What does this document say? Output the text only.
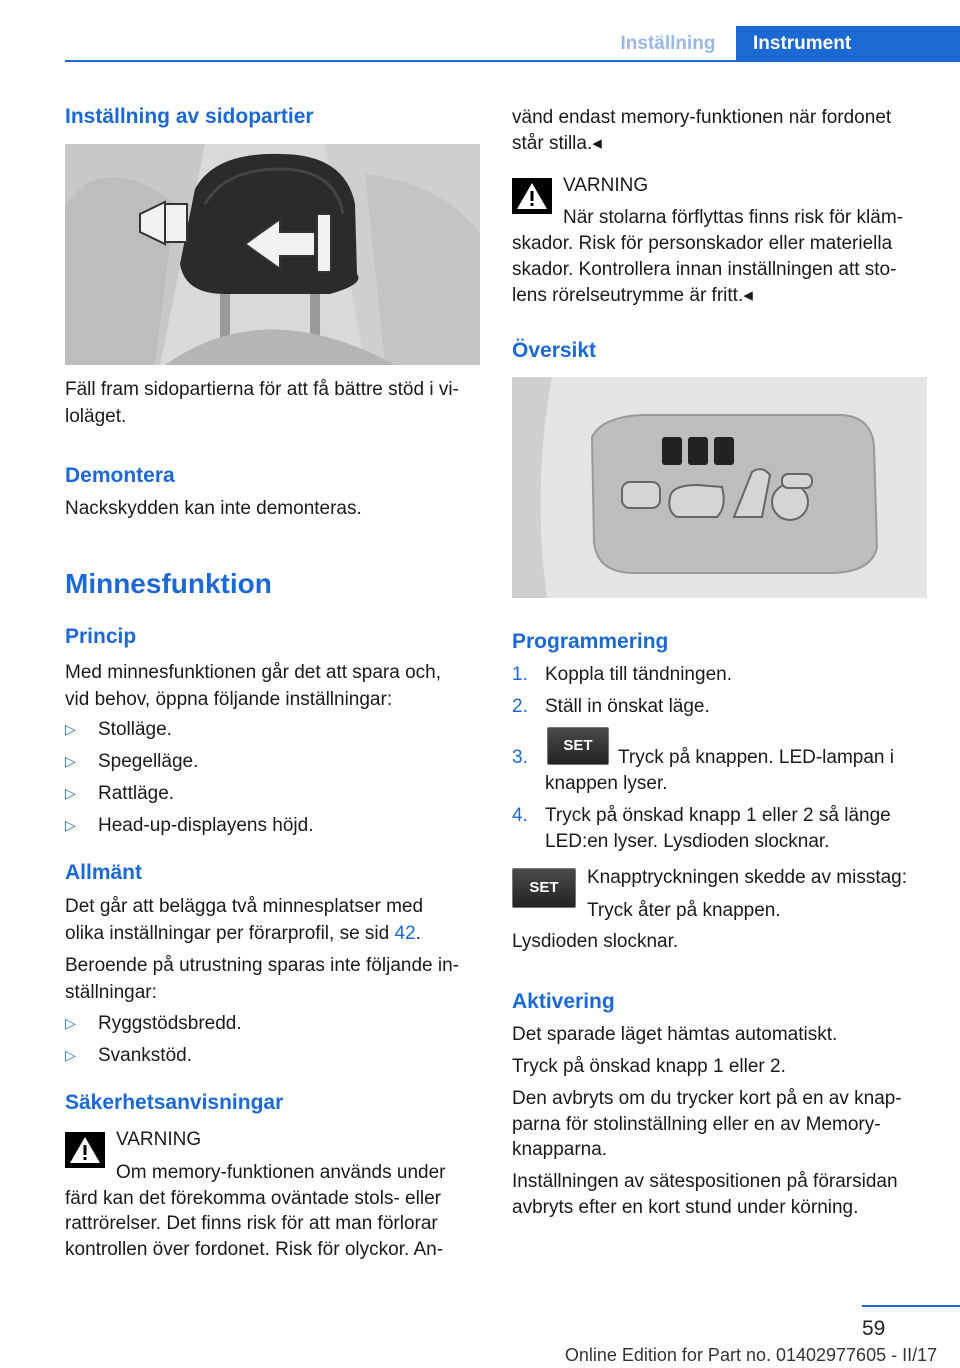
Inställning	Instrument
Inställning av sidopartier
Fäll fram sidopartierna för att få bättre stöd i vi‐
loläget.
Demontera
Nackskydden kan inte demonteras.
Minnesfunktion
Princip
Med minnesfunktionen går det att spara och,
vid behov, öppna följande inställningar:
▷ Stolläge.
▷ Spegelläge.
▷ Rattläge.
▷ Head-up-displayens höjd.
Allmänt
Det går att belägga två minnesplatser med
olika inställningar per förarprofil, se sid 42.
Beroende på utrustning sparas inte följande in‐
ställningar:
▷ Ryggstödsbredd.
▷ Svankstöd.
Säkerhetsanvisningar
VARNING
Om memory-funktionen används under
färd kan det förekomma oväntade stols- eller
rattrörelser. Det finns risk för att man förlorar
kontrollen över fordonet. Risk för olyckor. An‐
vänd endast memory-funktionen när fordonet
står stilla.◂
VARNING
När stolarna förflyttas finns risk för kläm‐
skador. Risk för personskador eller materiella
skador. Kontrollera innan inställningen att sto‐
lens rörelseutrymme är fritt.◂
Översikt
Programmering
1. Koppla till tändningen.
2. Ställ in önskat läge.
3.
SET
Tryck på knappen. LED-lampan i
knappen lyser.
4. Tryck på önskad knapp 1 eller 2 så länge
LED:en lyser. Lysdioden slocknar.
SET	Knapptryckningen skedde av misstag:
Tryck åter på knappen.
Lysdioden slocknar.
Aktivering
Det sparade läget hämtas automatiskt.
Tryck på önskad knapp 1 eller 2.
Den avbryts om du trycker kort på en av knap‐
parna för stolinställning eller en av Memory-
knapparna.
Inställningen av sätespositionen på förarsidan
avbryts efter en kort stund under körning.
59
Online Edition for Part no. 01402977605 - II/17
